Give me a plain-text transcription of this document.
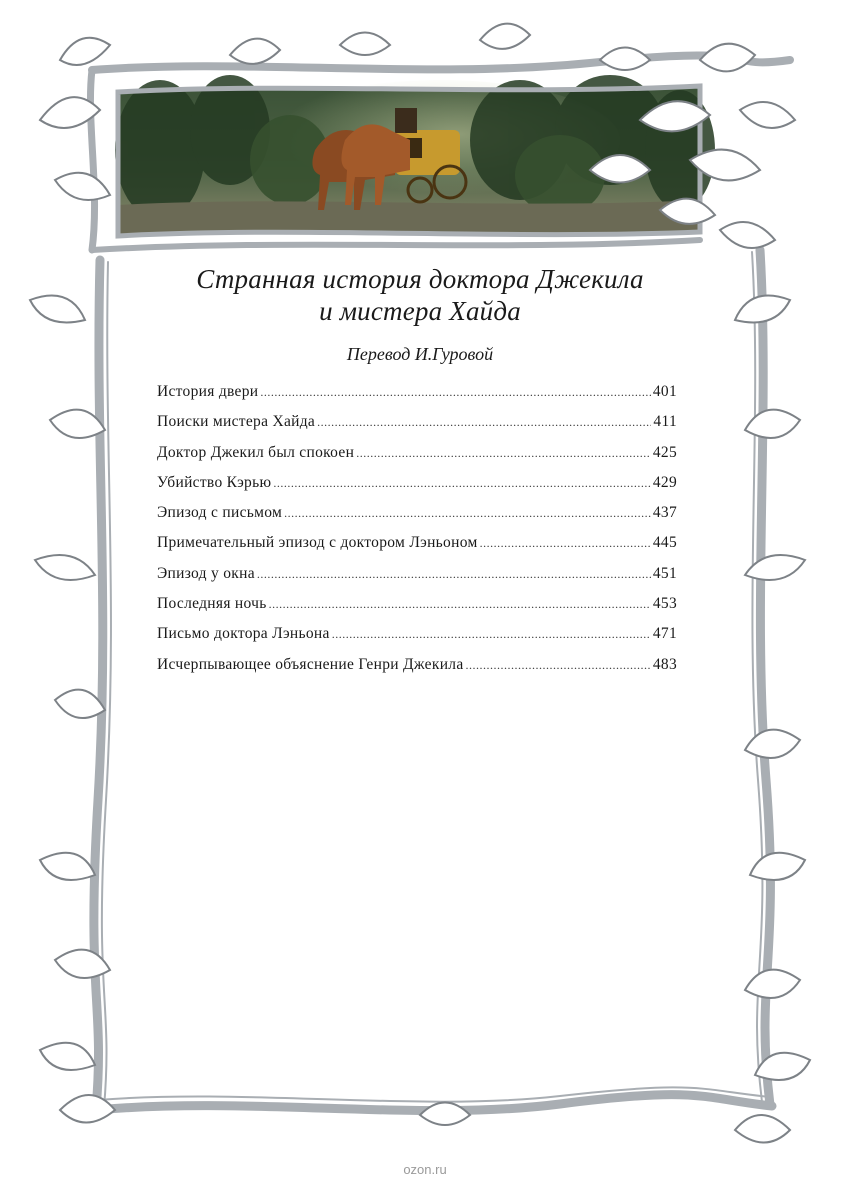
Странная история доктора Джекила
и мистера Хайда
Перевод И.Гуровой
История двери .....	401
Поиски мистера Хайда .....	411
Доктор Джекил был спокоен .....	425
Убийство Кэрью .....	429
Эпизод с письмом .....	437
Примечательный эпизод с доктором Лэньоном .....	445
Эпизод у окна .....	451
Последняя ночь .....	453
Письмо доктора Лэньона .....	471
Исчерпывающее объяснение Генри Джекила .....	483
ozon.ru
